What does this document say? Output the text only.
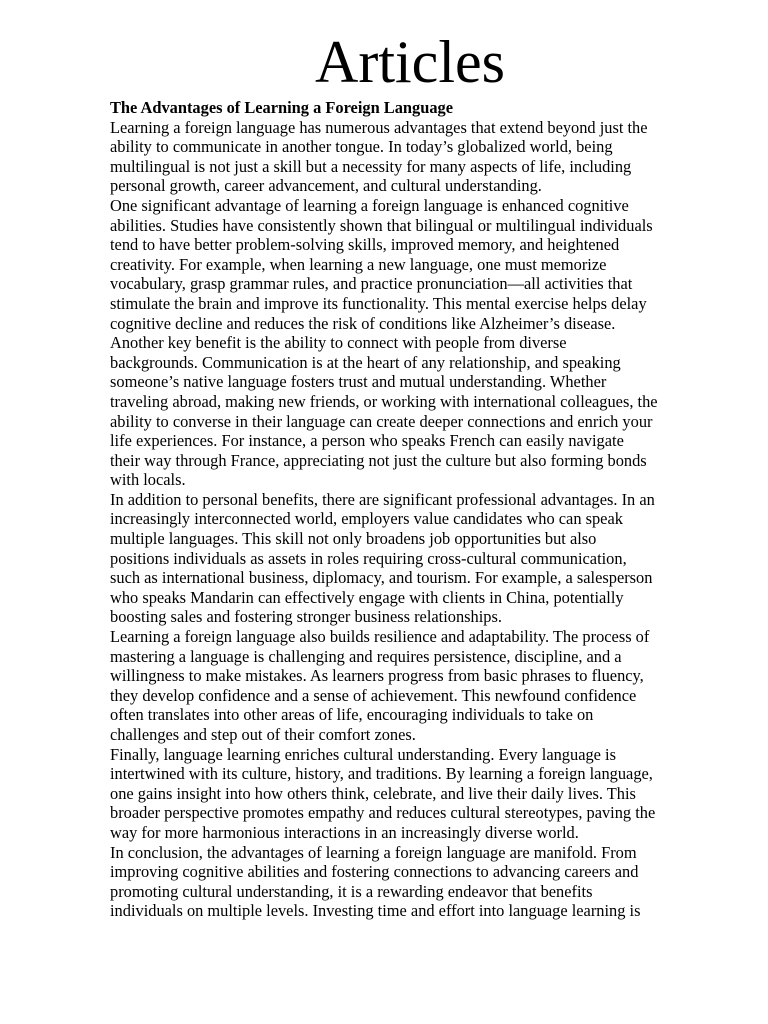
Articles
The Advantages of Learning a Foreign Language

Learning a foreign language has numerous advantages that extend beyond just the
ability to communicate in another tongue. In today’s globalized world, being
multilingual is not just a skill but a necessity for many aspects of life, including
personal growth, career advancement, and cultural understanding.

One significant advantage of learning a foreign language is enhanced cognitive
abilities. Studies have consistently shown that bilingual or multilingual individuals
tend to have better problem-solving skills, improved memory, and heightened
creativity. For example, when learning a new language, one must memorize
vocabulary, grasp grammar rules, and practice pronunciation—all activities that
stimulate the brain and improve its functionality. This mental exercise helps delay
cognitive decline and reduces the risk of conditions like Alzheimer’s disease.

Another key benefit is the ability to connect with people from diverse
backgrounds. Communication is at the heart of any relationship, and speaking
someone’s native language fosters trust and mutual understanding. Whether
traveling abroad, making new friends, or working with international colleagues, the
ability to converse in their language can create deeper connections and enrich your
life experiences. For instance, a person who speaks French can easily navigate
their way through France, appreciating not just the culture but also forming bonds
with locals.

In addition to personal benefits, there are significant professional advantages. In an
increasingly interconnected world, employers value candidates who can speak
multiple languages. This skill not only broadens job opportunities but also
positions individuals as assets in roles requiring cross-cultural communication,
such as international business, diplomacy, and tourism. For example, a salesperson
who speaks Mandarin can effectively engage with clients in China, potentially
boosting sales and fostering stronger business relationships.

Learning a foreign language also builds resilience and adaptability. The process of
mastering a language is challenging and requires persistence, discipline, and a
willingness to make mistakes. As learners progress from basic phrases to fluency,
they develop confidence and a sense of achievement. This newfound confidence
often translates into other areas of life, encouraging individuals to take on
challenges and step out of their comfort zones.

Finally, language learning enriches cultural understanding. Every language is
intertwined with its culture, history, and traditions. By learning a foreign language,
one gains insight into how others think, celebrate, and live their daily lives. This
broader perspective promotes empathy and reduces cultural stereotypes, paving the
way for more harmonious interactions in an increasingly diverse world.

In conclusion, the advantages of learning a foreign language are manifold. From
improving cognitive abilities and fostering connections to advancing careers and
promoting cultural understanding, it is a rewarding endeavor that benefits
individuals on multiple levels. Investing time and effort into language learning is
